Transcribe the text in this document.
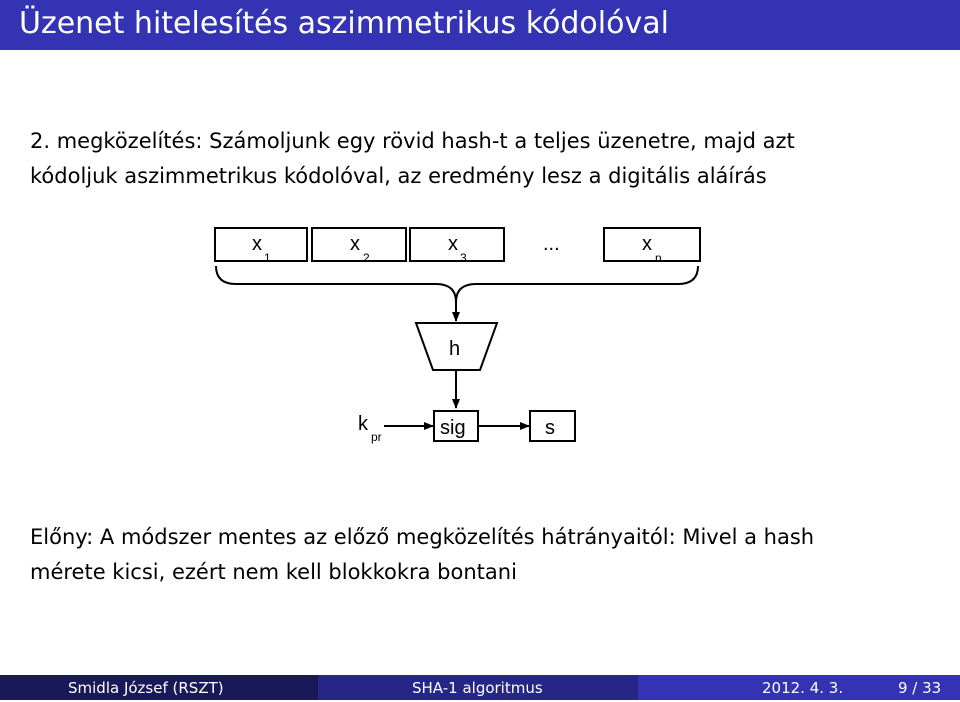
Üzenet hitelesítés aszimmetrikus kódolóval
2. megközelítés: Számoljunk egy rövid hash-t a teljes üzenetre, majd azt
kódoljuk aszimmetrikus kódolóval, az eredmény lesz a digitális aláírás
x
1
x
2
x
3
...	x
n
h
k
pr	sig	s
Előny: A módszer mentes az előző megközelítés hátrányaitól: Mivel a hash
mérete kicsi, ezért nem kell blokkokra bontani
Smidla József (RSZT)	SHA-1 algoritmus	2012. 4. 3.	9 / 33
